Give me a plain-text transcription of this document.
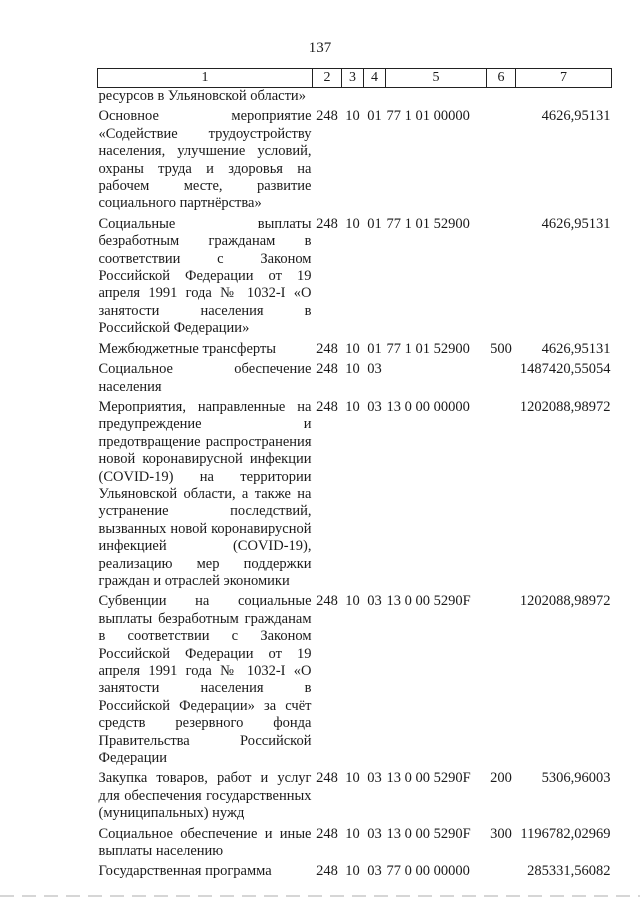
137
1	2	3	4	5	6	7
ресурсов в Ульяновской области»						
Основное мероприятие «Содействие трудоустройству населения, улучшение условий, охраны труда и здоровья на рабочем месте, развитие социального партнёрства»	248	10	01	77 1 01 00000		4626,95131
Социальные выплаты безработным гражданам в соответствии с Законом Российской Федерации от 19 апреля 1991 года № 1032-I «О занятости населения в Российской Федерации»	248	10	01	77 1 01 52900		4626,95131
Межбюджетные трансферты	248	10	01	77 1 01 52900	500	4626,95131
Социальное обеспечение населения	248	10	03			1487420,55054
Мероприятия, направленные на предупреждение и предотвращение распространения новой коронавирусной инфекции (COVID-19) на территории Ульяновской области, а также на устранение последствий, вызванных новой коронавирусной инфекцией (COVID-19), реализацию мер поддержки граждан и отраслей экономики	248	10	03	13 0 00 00000		1202088,98972
Субвенции на социальные выплаты безработным гражданам в соответствии с Законом Российской Федерации от 19 апреля 1991 года № 1032-I «О занятости населения в Российской Федерации» за счёт средств резервного фонда Правительства Российской Федерации	248	10	03	13 0 00 5290F		1202088,98972
Закупка товаров, работ и услуг для обеспечения государственных (муниципальных) нужд	248	10	03	13 0 00 5290F	200	5306,96003
Социальное обеспечение и иные выплаты населению	248	10	03	13 0 00 5290F	300	1196782,02969
Государственная программа	248	10	03	77 0 00 00000		285331,56082
